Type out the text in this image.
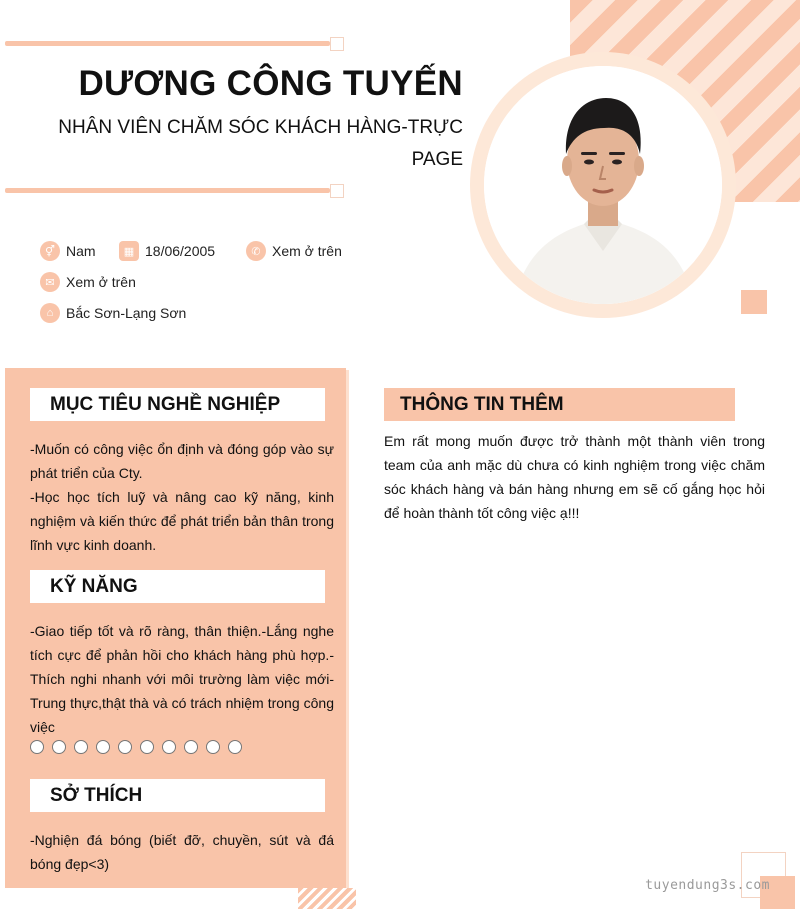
DƯƠNG CÔNG TUYẾN
NHÂN VIÊN CHĂM SÓC KHÁCH HÀNG-TRỰC PAGE
⚥ Nam	▦ 18/06/2005	✆ Xem ở trên
✉ Xem ở trên
⌂ Bắc Sơn-Lạng Sơn
MỤC TIÊU NGHỀ NGHIỆP
-Muốn có công việc ổn định và đóng góp vào sự phát triển của Cty.
-Học học tích luỹ và nâng cao kỹ năng, kinh nghiệm và kiến thức để phát triển bản thân trong lĩnh vực kinh doanh.
KỸ NĂNG
-Giao tiếp tốt và rõ ràng, thân thiện.-Lắng nghe tích cực để phản hồi cho khách hàng phù hợp.-Thích nghi nhanh với môi trường làm việc mới-Trung thực,thật thà và có trách nhiệm trong công việc
SỞ THÍCH
-Nghiện đá bóng (biết đỡ, chuyền, sút và đá bóng đẹp<3)
THÔNG TIN THÊM
Em rất mong muốn được trở thành một thành viên trong team của anh mặc dù chưa có kinh nghiệm trong việc chăm sóc khách hàng và bán hàng nhưng em sẽ cố gắng học hỏi để hoàn thành tốt công việc ạ!!!
tuyendung3s.com
